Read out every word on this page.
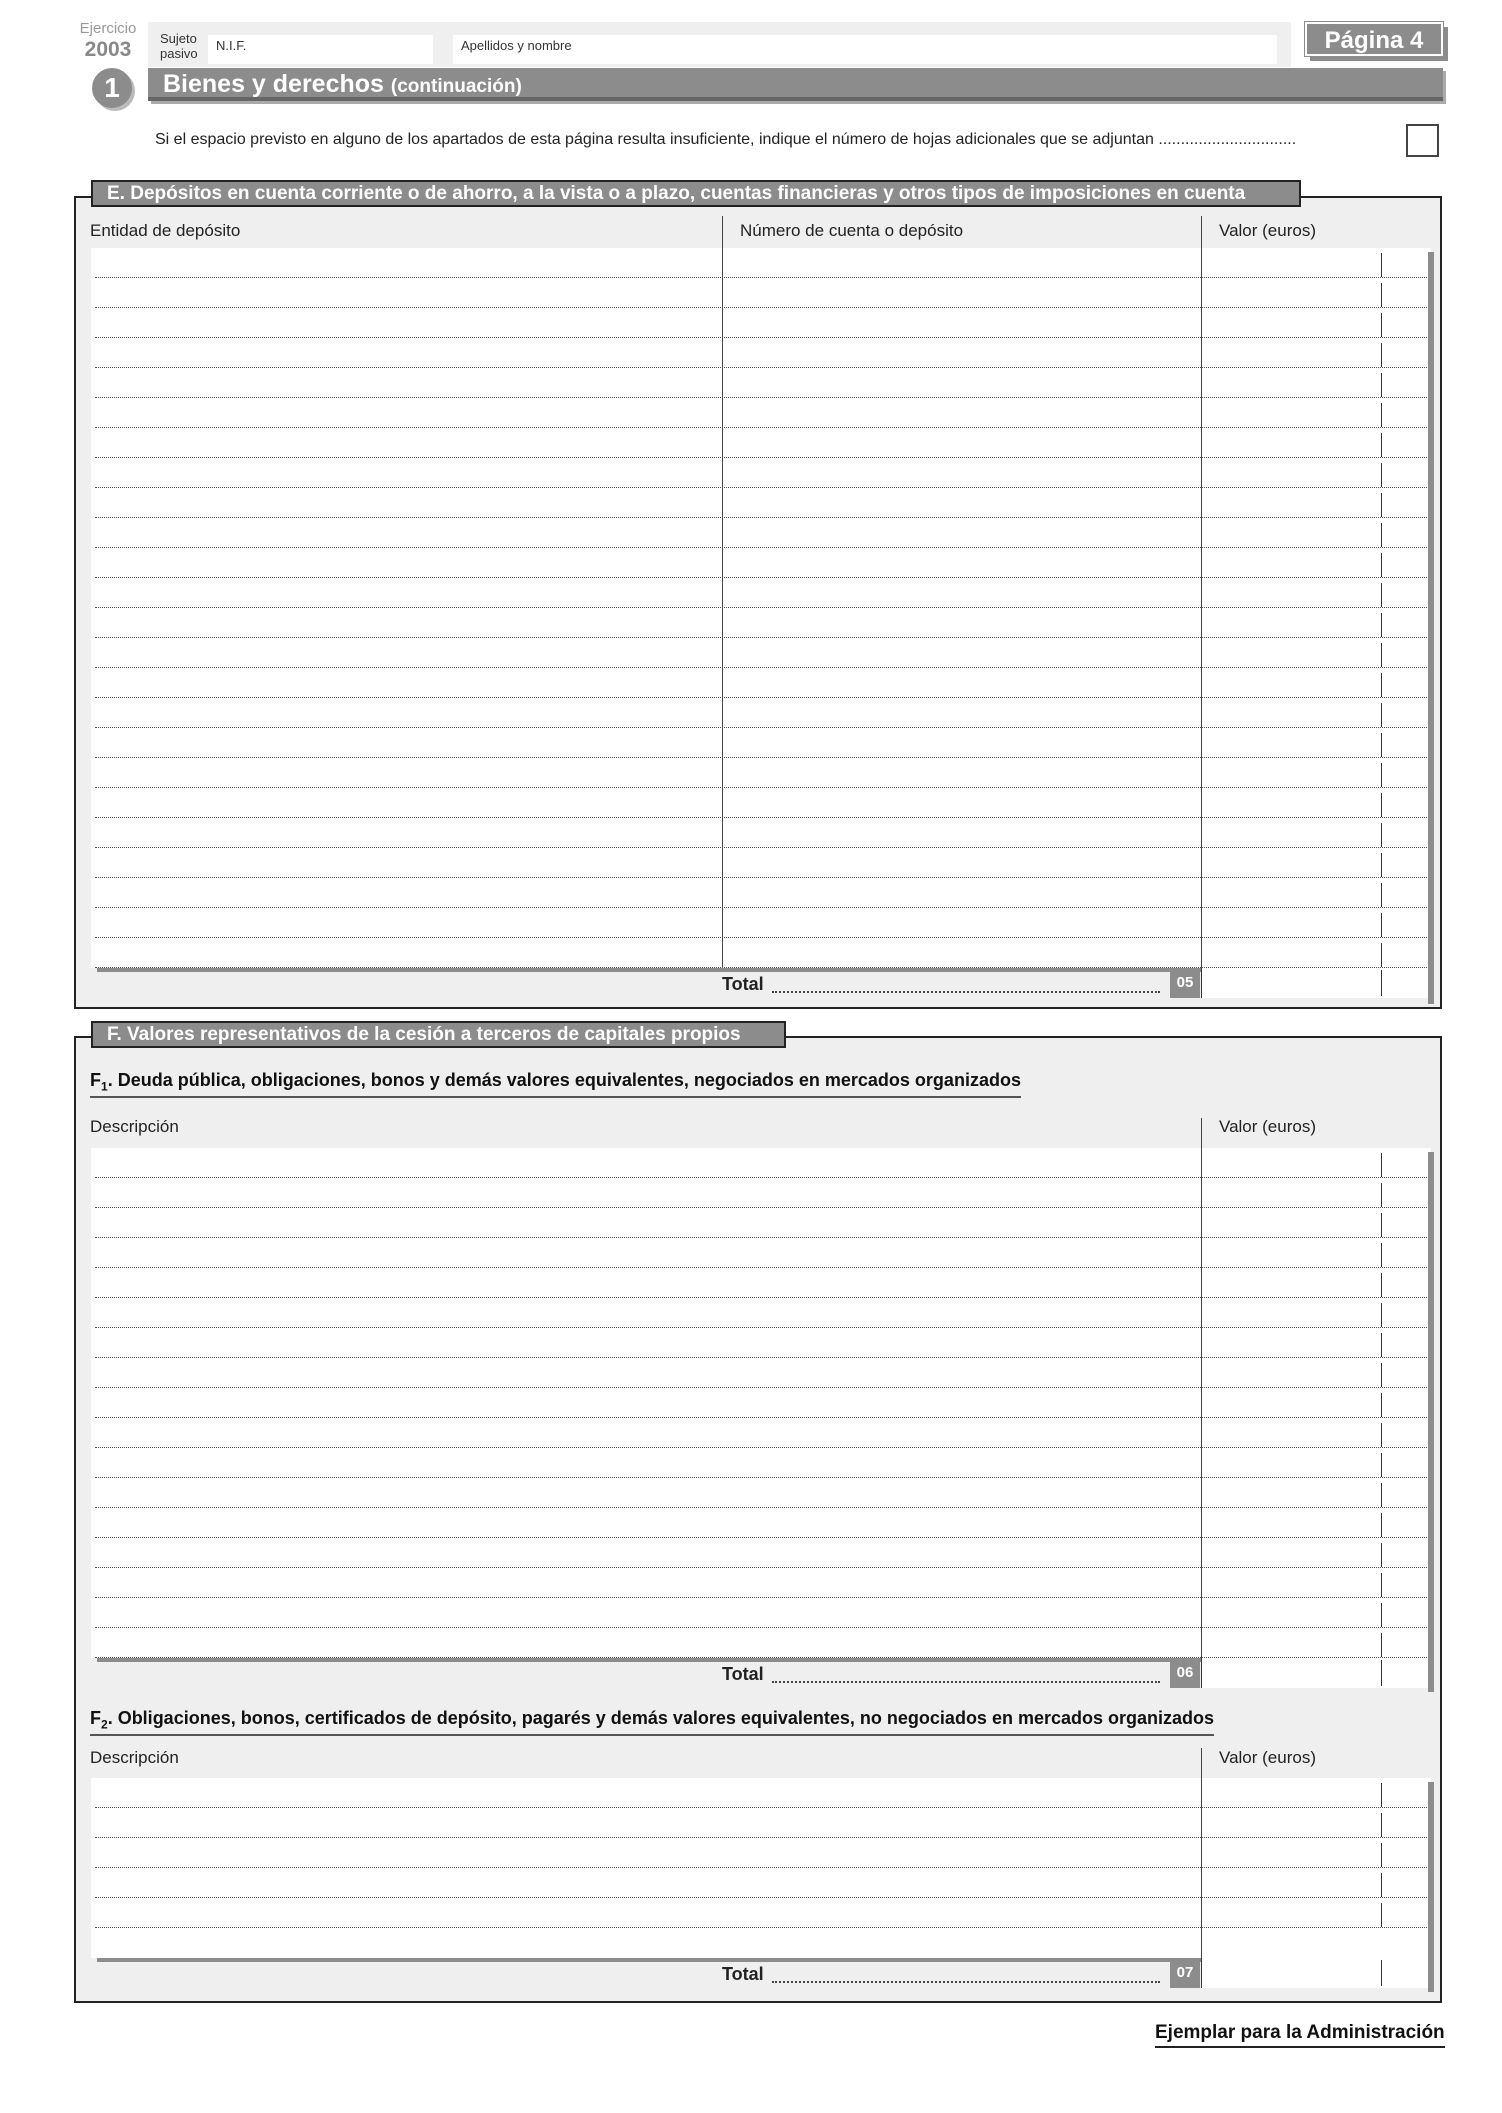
Ejercicio
2003	Sujeto
pasivo
N.I.F.	Apellidos y nombre	Página 4
1	Bienes y derechos (continuación)
Si el espacio previsto en alguno de los apartados de esta página resulta insuficiente, indique el número de hojas adicionales que se adjuntan ...............................
E. Depósitos en cuenta corriente o de ahorro, a la vista o a plazo, cuentas financieras y otros tipos de imposiciones en cuenta
Entidad de depósito	Número de cuenta o depósito	Valor (euros)
Total	05
F. Valores representativos de la cesión a terceros de capitales propios
$F_1$. Deuda pública, obligaciones, bonos y demás valores equivalentes, negociados en mercados organizados
Descripción	Valor (euros)
Total	06
$F_2$. Obligaciones, bonos, certificados de depósito, pagarés y demás valores equivalentes, no negociados en mercados organizados
Descripción	Valor (euros)
Total	07
Ejemplar para la Administración
